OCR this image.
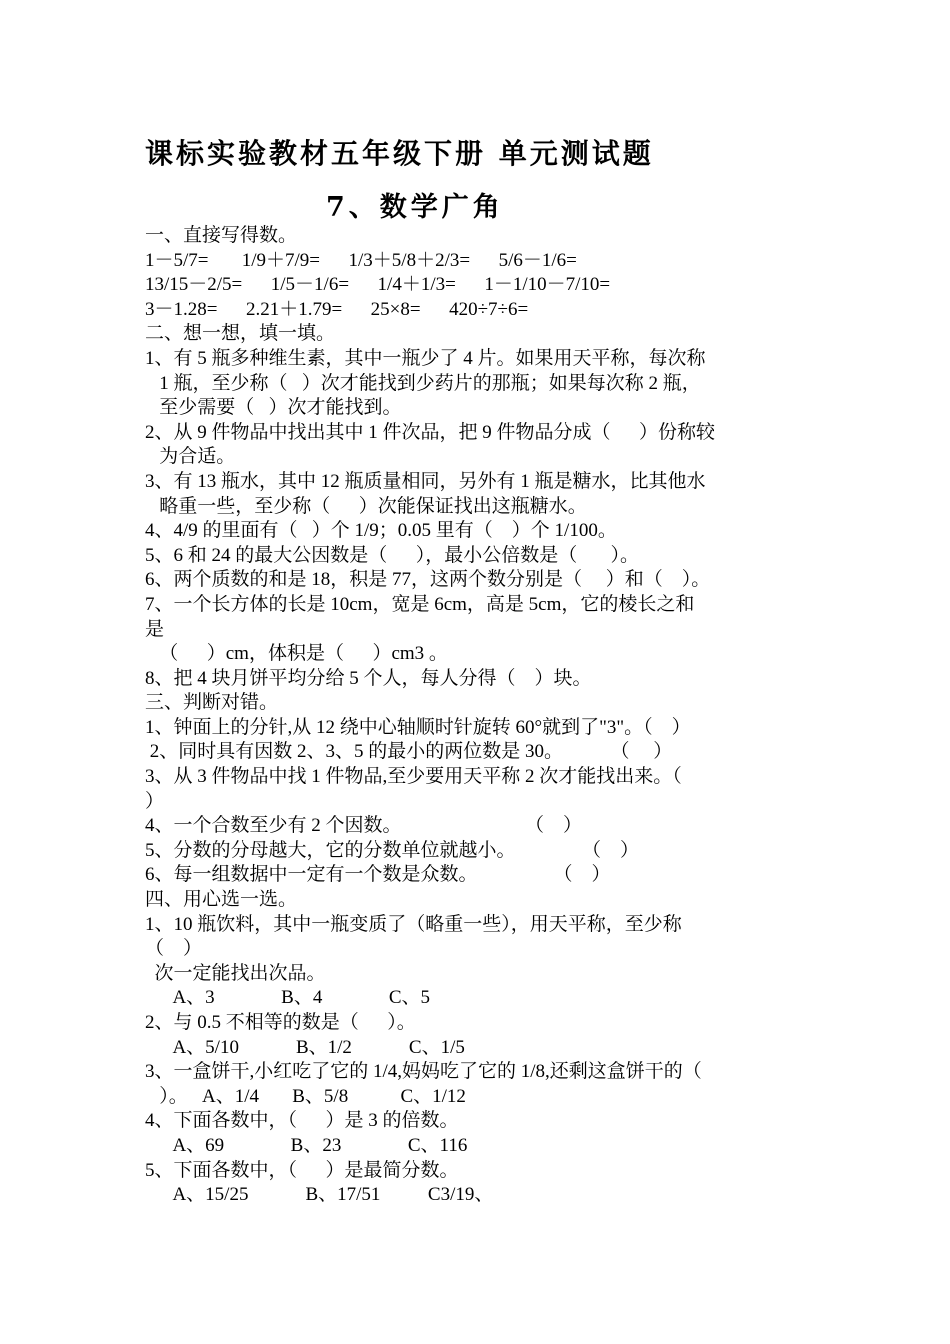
课标实验教材五年级下册 单元测试题
7、数学广角
一、直接写得数。
1－5/7=       1/9＋7/9=      1/3＋5/8＋2/3=      5/6－1/6=
13/15－2/5=      1/5－1/6=      1/4＋1/3=      1－1/10－7/10=
3－1.28=      2.21＋1.79=      25×8=      420÷7÷6=
二、想一想，填一填。
1、有 5 瓶多种维生素，其中一瓶少了 4 片。如果用天平称，每次称
1 瓶，至少称（   ）次才能找到少药片的那瓶；如果每次称 2 瓶，
至少需要（   ）次才能找到。
2、从 9 件物品中找出其中 1 件次品，把 9 件物品分成（      ）份称较
为合适。
3、有 13 瓶水，其中 12 瓶质量相同，另外有 1 瓶是糖水，比其他水
略重一些，至少称（      ）次能保证找出这瓶糖水。
4、4/9 的里面有（   ）个 1/9；0.05 里有（    ）个 1/100。
5、6 和 24 的最大公因数是（      ），最小公倍数是（       ）。
6、两个质数的和是 18，积是 77，这两个数分别是（     ）和（    ）。
7、一个长方体的长是 10cm，宽是 6cm，高是 5cm，它的棱长之和
是
（      ）cm，体积是（      ）cm3 。
8、把 4 块月饼平均分给 5 个人，每人分得（    ）块。
三、判断对错。
1、钟面上的分针,从 12 绕中心轴顺时针旋转 60°就到了"3"。（    ）
2、同时具有因数 2、3、5 的最小的两位数是 30。          （     ）
3、从 3 件物品中找 1 件物品,至少要用天平称 2 次才能找出来。（
）
4、一个合数至少有 2 个因数。                          （    ）
5、分数的分母越大，它的分数单位就越小。              （    ）
6、每一组数据中一定有一个数是众数。                （    ）
四、用心选一选。
1、10 瓶饮料，其中一瓶变质了（略重一些），用天平称，至少称
（    ）
次一定能找出次品。
A、3              B、4              C、5
2、与 0.5 不相等的数是（      ）。
A、5/10            B、1/2            C、1/5
3、一盒饼干,小红吃了它的 1/4,妈妈吃了它的 1/8,还剩这盒饼干的（
）。   A、1/4       B、5/8           C、1/12
4、下面各数中，（      ）是 3 的倍数。
A、69              B、23              C、116
5、下面各数中，（      ）是最简分数。
A、15/25            B、17/51          C3/19、
